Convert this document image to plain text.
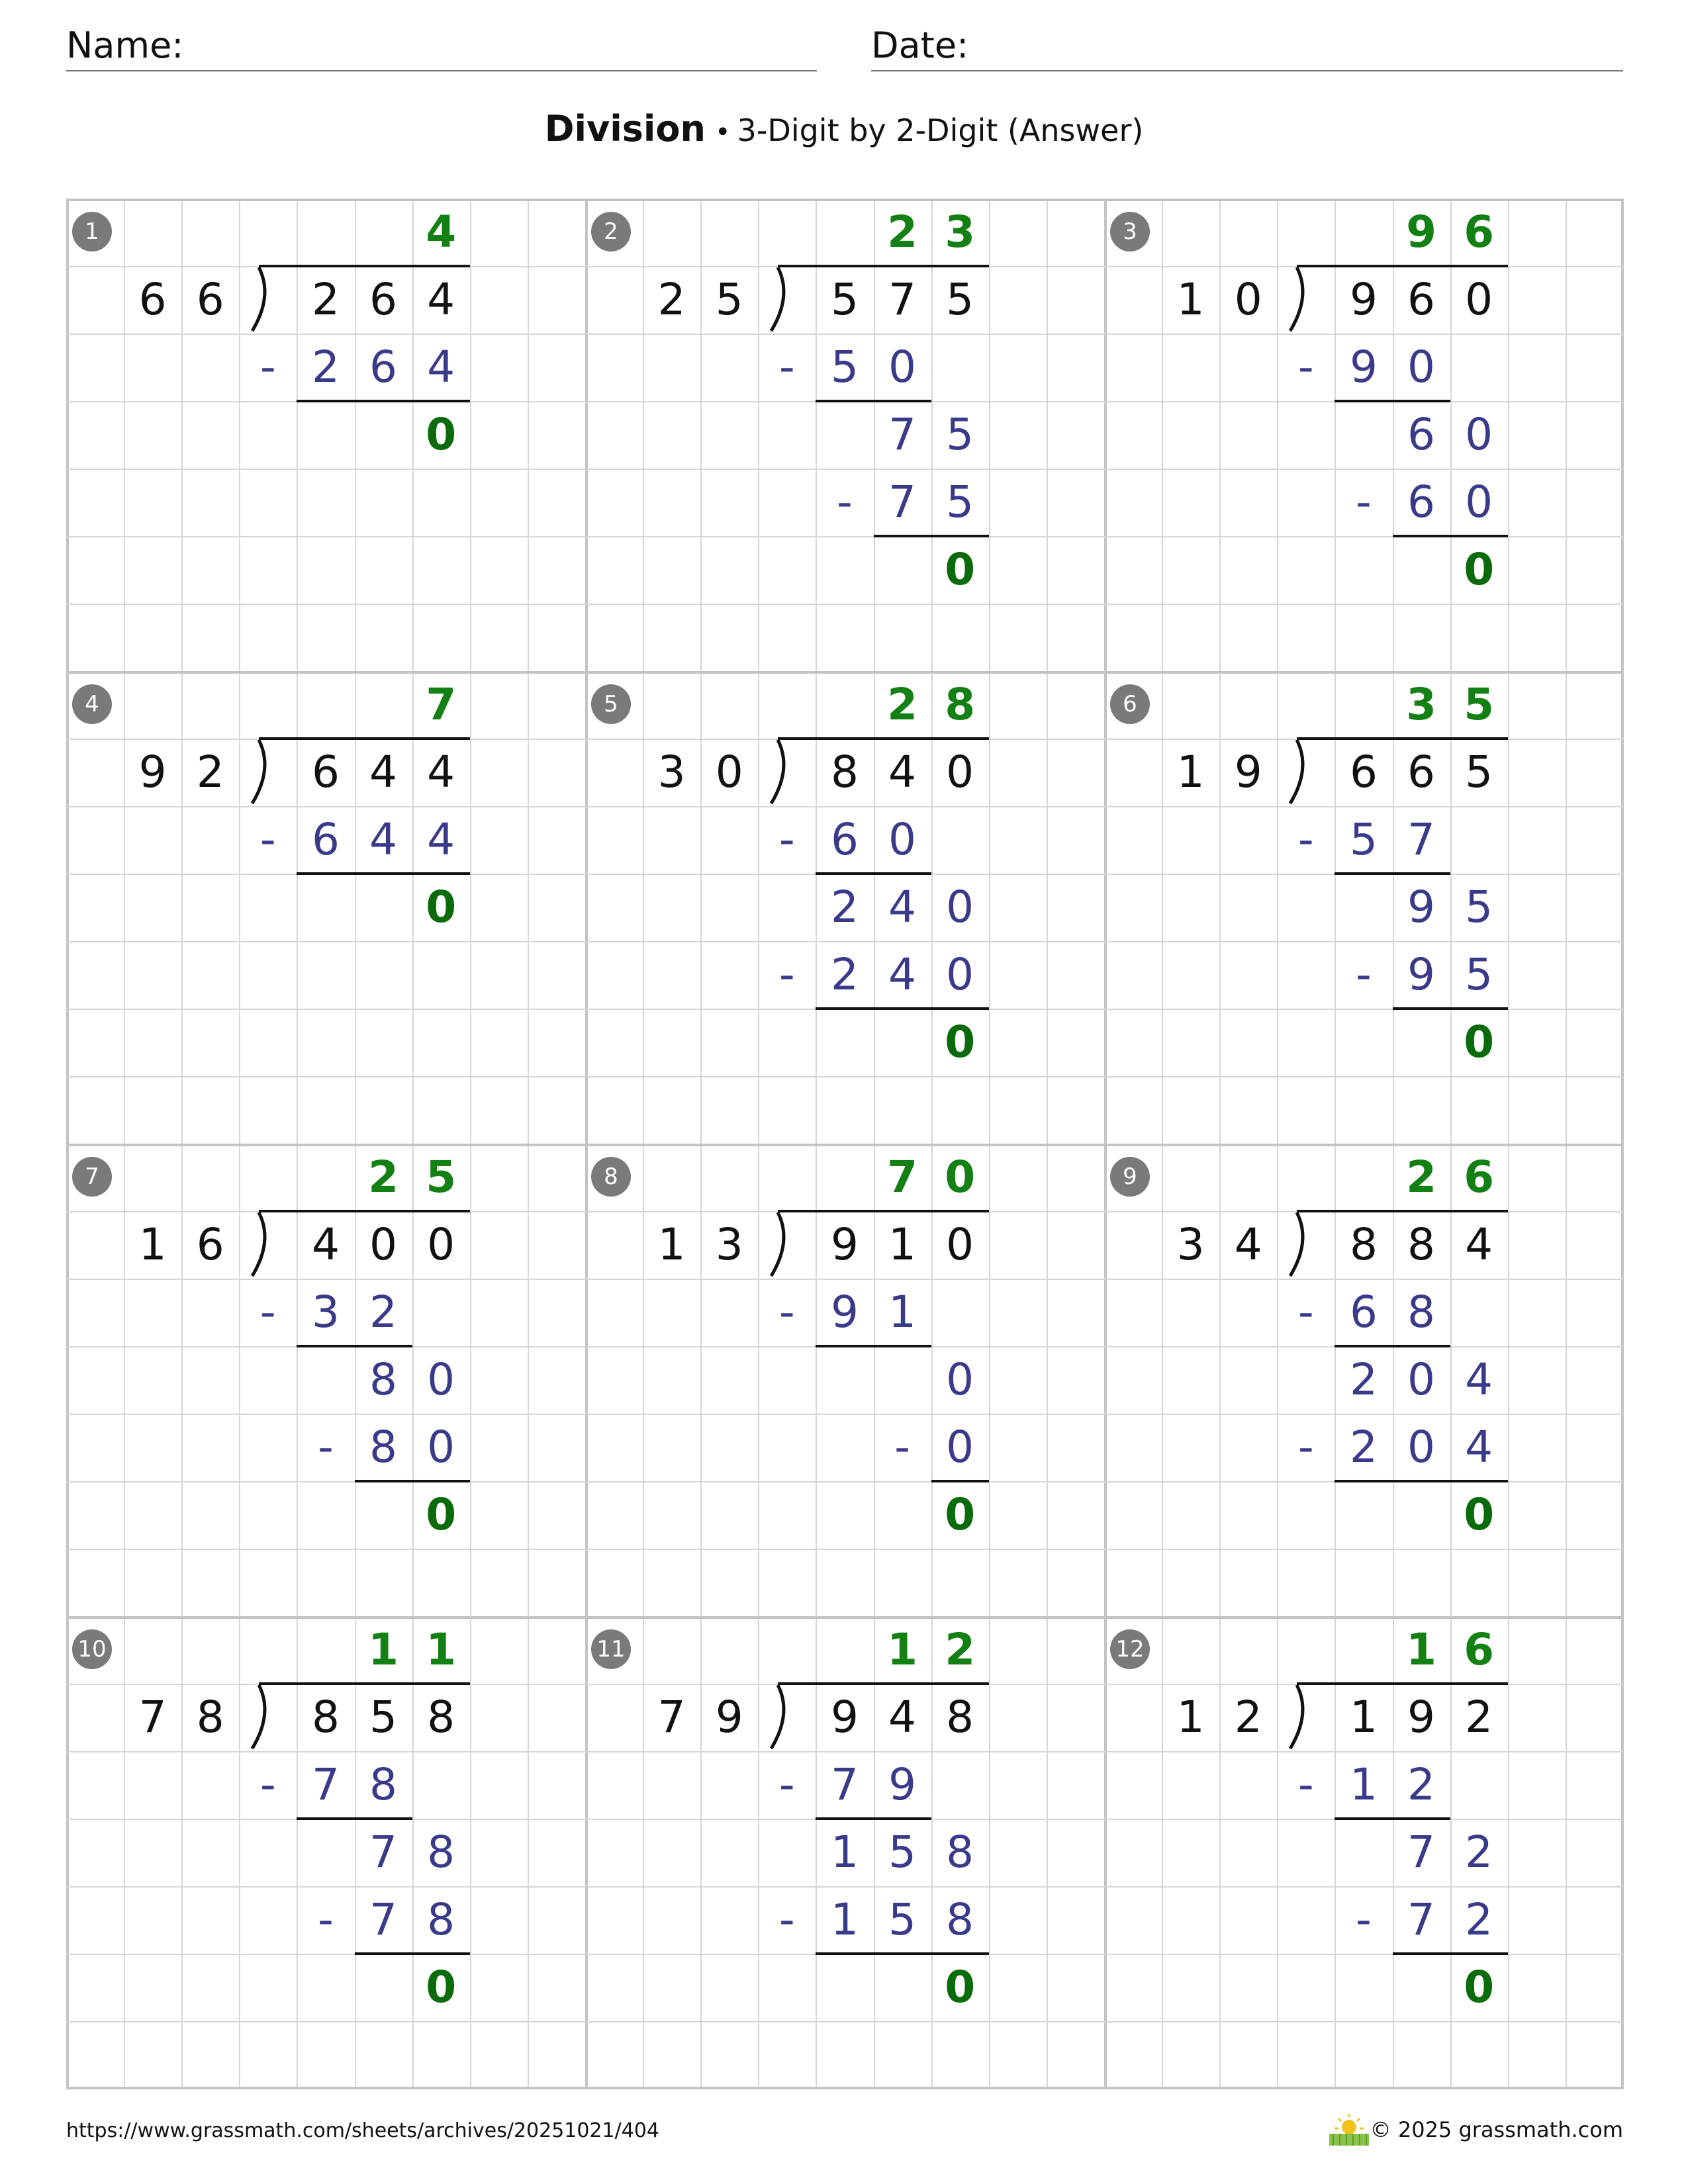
Name:	Date:
Division • 3-Digit by 2-Digit (Answer)
1	4
6 6	2 6 4
- 2 6 4
0
2	2 3
2 5	5 7 5
- 5 0
7 5
- 7 5
0
3	9 6
1 0	9 6 0
- 9 0
6 0
- 6 0
0
4	7
9 2	6 4 4
- 6 4 4
0
5	2 8
3 0	8 4 0
- 6 0
2 4 0
- 2 4 0
0
6	3 5
1 9	6 6 5
- 5 7
9 5
- 9 5
0
7	2 5
1 6	4 0 0
- 3 2
8 0
- 8 0
0
8	7 0
1 3	9 1 0
- 9 1
0
- 0
0
9	2 6
3 4	8 8 4
- 6 8
2 0 4
- 2 0 4
0
10	1 1
7 8	8 5 8
- 7 8
7 8
- 7 8
0
11	1 2
7 9	9 4 8
- 7 9
1 5 8
- 1 5 8
0
12	1 6
1 2	1 9 2
- 1 2
7 2
- 7 2
0
https://www.grassmath.com/sheets/archives/20251021/404	© 2025 grassmath.com
